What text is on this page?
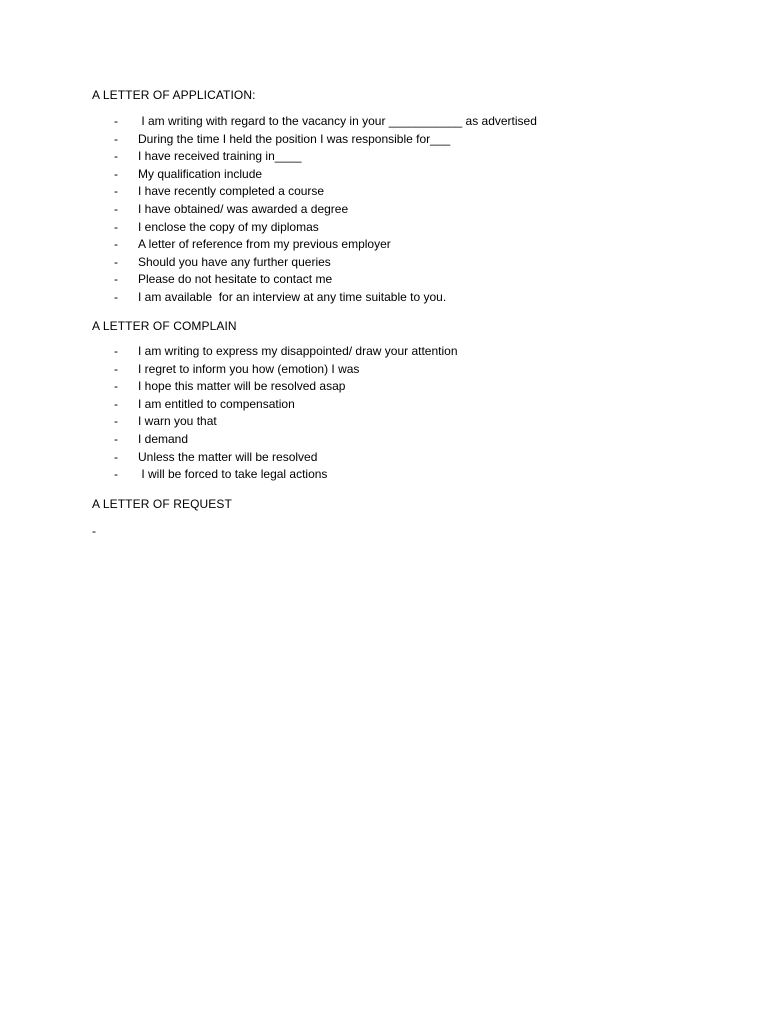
A LETTER OF APPLICATION:
- I am writing with regard to the vacancy in your ___________ as advertised
- During the time I held the position I was responsible for___
- I have received training in____
- My qualification include
- I have recently completed a course
- I have obtained/ was awarded a degree
- I enclose the copy of my diplomas
- A letter of reference from my previous employer
- Should you have any further queries
- Please do not hesitate to contact me
- I am available  for an interview at any time suitable to you.
A LETTER OF COMPLAIN
- I am writing to express my disappointed/ draw your attention
- I regret to inform you how (emotion) I was
- I hope this matter will be resolved asap
- I am entitled to compensation
- I warn you that
- I demand
- Unless the matter will be resolved
- I will be forced to take legal actions
A LETTER OF REQUEST
-
